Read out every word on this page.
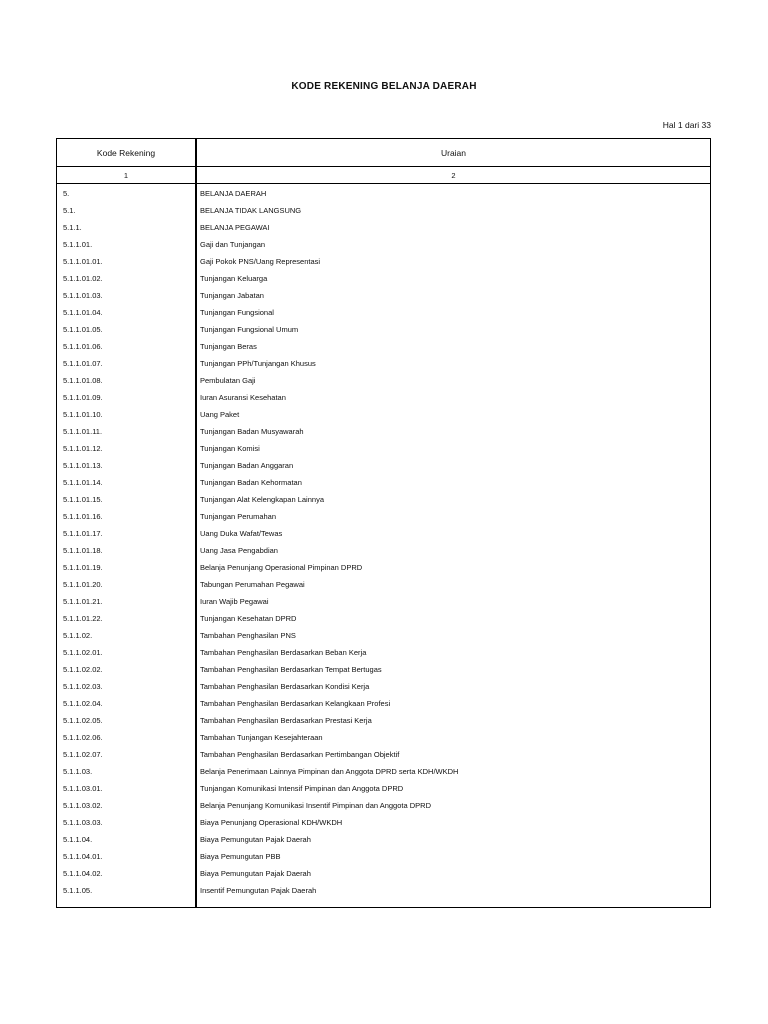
KODE REKENING BELANJA DAERAH
Hal 1 dari 33
Kode Rekening	Uraian
1	2
5.	BELANJA DAERAH
5.1.	BELANJA TIDAK LANGSUNG
5.1.1.	BELANJA PEGAWAI
5.1.1.01.	Gaji dan Tunjangan
5.1.1.01.01.	Gaji Pokok PNS/Uang Representasi
5.1.1.01.02.	Tunjangan Keluarga
5.1.1.01.03.	Tunjangan Jabatan
5.1.1.01.04.	Tunjangan Fungsional
5.1.1.01.05.	Tunjangan Fungsional Umum
5.1.1.01.06.	Tunjangan Beras
5.1.1.01.07.	Tunjangan PPh/Tunjangan Khusus
5.1.1.01.08.	Pembulatan Gaji
5.1.1.01.09.	Iuran Asuransi Kesehatan
5.1.1.01.10.	Uang Paket
5.1.1.01.11.	Tunjangan Badan Musyawarah
5.1.1.01.12.	Tunjangan Komisi
5.1.1.01.13.	Tunjangan Badan Anggaran
5.1.1.01.14.	Tunjangan Badan Kehormatan
5.1.1.01.15.	Tunjangan Alat Kelengkapan Lainnya
5.1.1.01.16.	Tunjangan Perumahan
5.1.1.01.17.	Uang Duka Wafat/Tewas
5.1.1.01.18.	Uang Jasa Pengabdian
5.1.1.01.19.	Belanja Penunjang Operasional Pimpinan DPRD
5.1.1.01.20.	Tabungan Perumahan Pegawai
5.1.1.01.21.	Iuran Wajib Pegawai
5.1.1.01.22.	Tunjangan Kesehatan DPRD
5.1.1.02.	Tambahan Penghasilan PNS
5.1.1.02.01.	Tambahan Penghasilan Berdasarkan Beban Kerja
5.1.1.02.02.	Tambahan Penghasilan Berdasarkan Tempat Bertugas
5.1.1.02.03.	Tambahan Penghasilan Berdasarkan Kondisi Kerja
5.1.1.02.04.	Tambahan Penghasilan Berdasarkan Kelangkaan Profesi
5.1.1.02.05.	Tambahan Penghasilan Berdasarkan Prestasi Kerja
5.1.1.02.06.	Tambahan Tunjangan Kesejahteraan
5.1.1.02.07.	Tambahan Penghasilan Berdasarkan Pertimbangan Objektif
5.1.1.03.	Belanja Penerimaan Lainnya Pimpinan dan Anggota DPRD serta KDH/WKDH
5.1.1.03.01.	Tunjangan Komunikasi Intensif Pimpinan dan Anggota DPRD
5.1.1.03.02.	Belanja Penunjang Komunikasi Insentif Pimpinan dan Anggota DPRD
5.1.1.03.03.	Biaya Penunjang Operasional KDH/WKDH
5.1.1.04.	Biaya Pemungutan Pajak Daerah
5.1.1.04.01.	Biaya Pemungutan PBB
5.1.1.04.02.	Biaya Pemungutan Pajak Daerah
5.1.1.05.	Insentif Pemungutan Pajak Daerah
